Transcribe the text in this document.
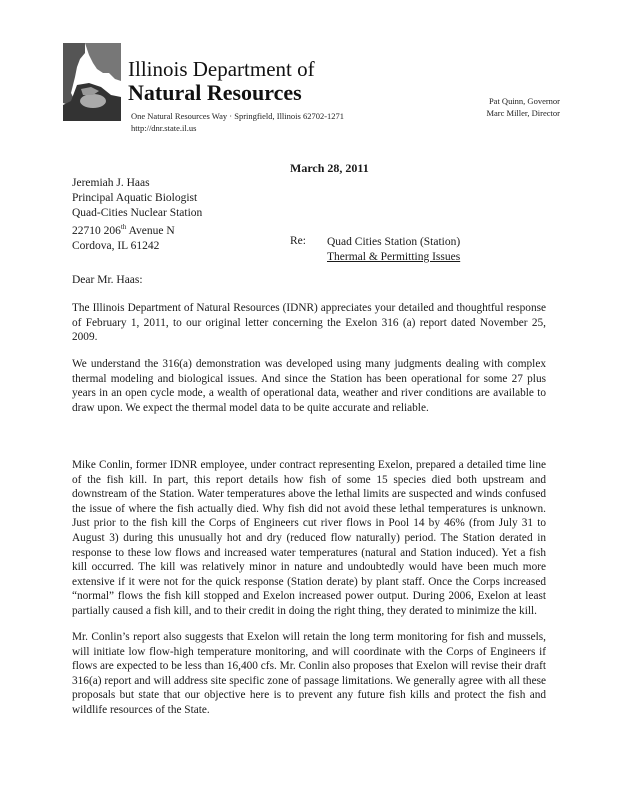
Illinois Department of
Natural Resources
One Natural Resources Way · Springfield, Illinois 62702-1271
http://dnr.state.il.us
Pat Quinn, Governor
Marc Miller, Director
March 28, 2011
Jeremiah J. Haas
Principal Aquatic Biologist
Quad-Cities Nuclear Station
22710 206th Avenue N
Cordova, IL 61242	Re: Quad Cities Station (Station)
Thermal & Permitting Issues
Dear Mr. Haas:

The Illinois Department of Natural Resources (IDNR) appreciates your detailed and thoughtful response of February 1, 2011, to our original letter concerning the Exelon 316 (a) report dated November 25, 2009.

We understand the 316(a) demonstration was developed using many judgments dealing with complex thermal modeling and biological issues. And since the Station has been operational for some 27 plus years in an open cycle mode, a wealth of operational data, weather and river conditions are available to draw upon. We expect the thermal model data to be quite accurate and reliable.

Mike Conlin, former IDNR employee, under contract representing Exelon, prepared a detailed time line of the fish kill. In part, this report details how fish of some 15 species died both upstream and downstream of the Station. Water temperatures above the lethal limits are suspected and winds confused the issue of where the fish actually died. Why fish did not avoid these lethal temperatures is unknown. Just prior to the fish kill the Corps of Engineers cut river flows in Pool 14 by 46% (from July 31 to August 3) during this unusually hot and dry (reduced flow naturally) period. The Station derated in response to these low flows and increased water temperatures (natural and Station induced). Yet a fish kill occurred. The kill was relatively minor in nature and undoubtedly would have been much more extensive if it were not for the quick response (Station derate) by plant staff. Once the Corps increased “normal” flows the fish kill stopped and Exelon increased power output. During 2006, Exelon at least partially caused a fish kill, and to their credit in doing the right thing, they derated to minimize the kill.

Mr. Conlin’s report also suggests that Exelon will retain the long term monitoring for fish and mussels, will initiate low flow-high temperature monitoring, and will coordinate with the Corps of Engineers if flows are expected to be less than 16,400 cfs. Mr. Conlin also proposes that Exelon will revise their draft 316(a) report and will address site specific zone of passage limitations. We generally agree with all these proposals but state that our objective here is to prevent any future fish kills and protect the fish and wildlife resources of the State.
